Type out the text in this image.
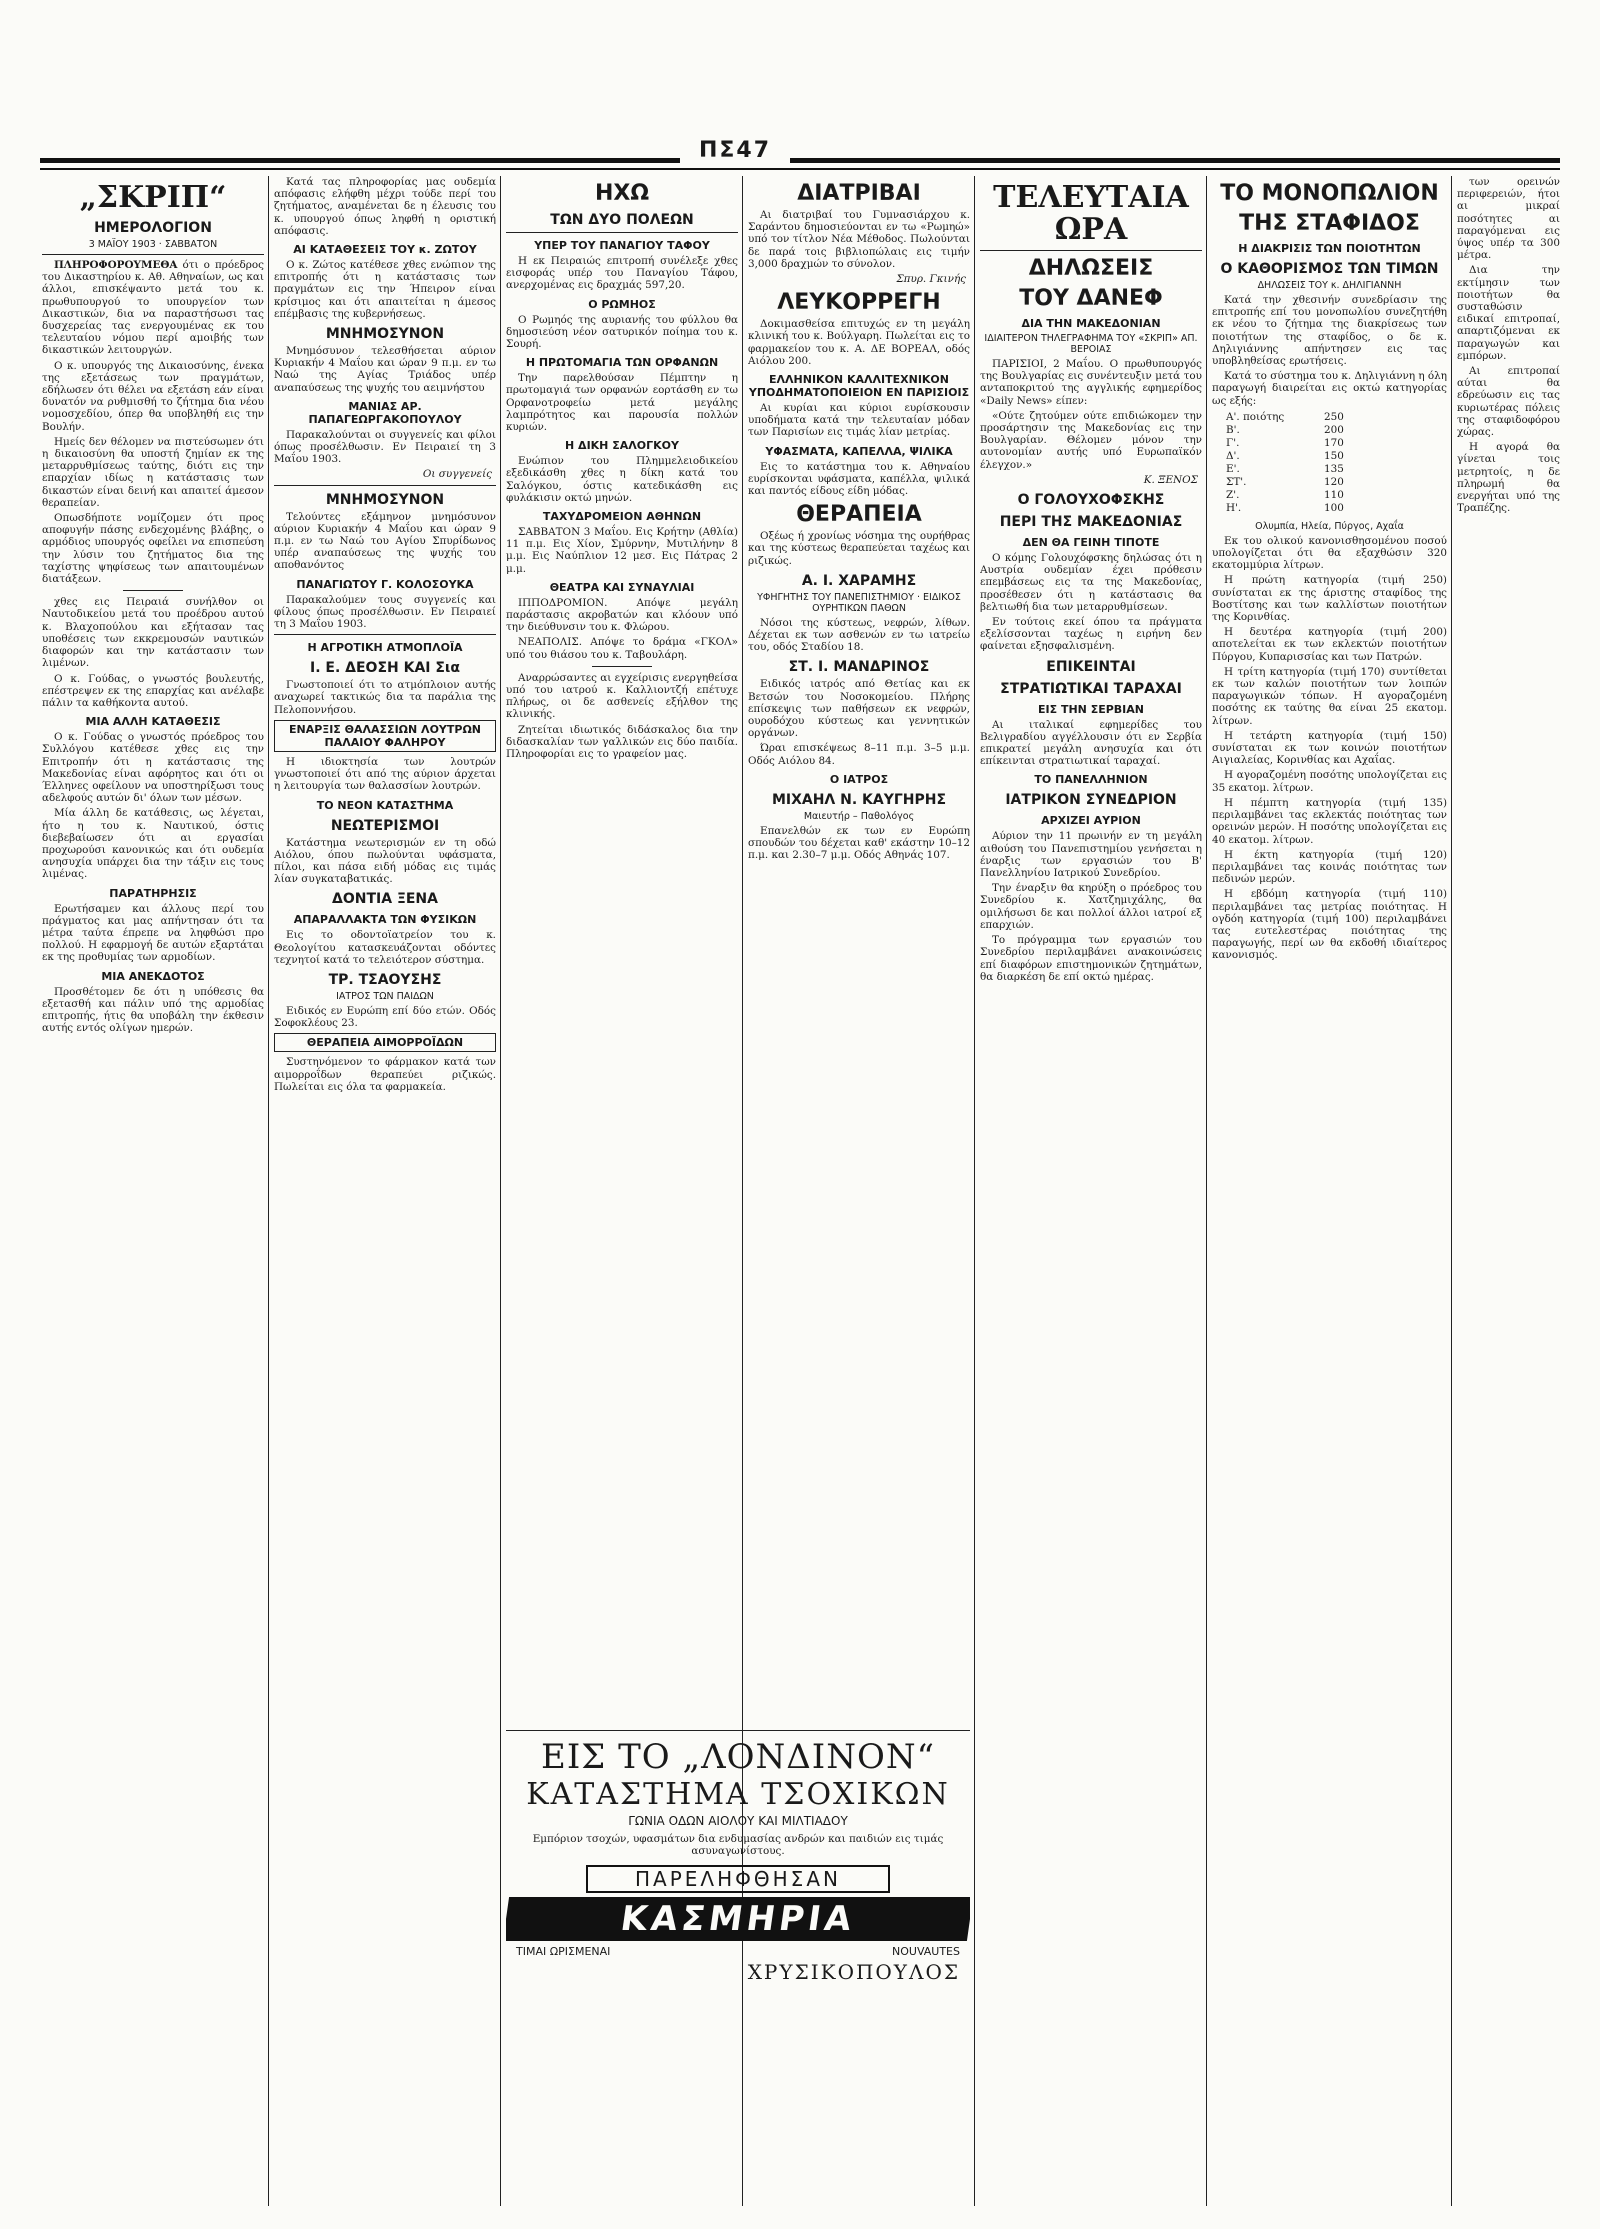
ΠΣ47
„ΣΚΡΙΠ“
ΗΜΕΡΟΛΟΓΙΟΝ
3 ΜΑΪΟΥ 1903 · ΣΑΒΒΑΤΟΝ

ΠΛΗΡΟΦΟΡΟΥΜΕΘΑ ότι ο πρόεδρος του Δικαστηρίου κ. Αθ. Αθηναίων, ως και άλλοι, επισκέψαντο μετά του κ. πρωθυπουργού το υπουργείον των Δικαστικών, δια να παραστήσωσι τας δυσχερείας τας ενεργουμένας εκ του τελευταίου νόμου περί αμοιβής των δικαστικών λειτουργών.

Ο κ. υπουργός της Δικαιοσύνης, ένεκα της εξετάσεως των πραγμάτων, εδήλωσεν ότι θέλει να εξετάση εάν είναι δυνατόν να ρυθμισθή το ζήτημα δια νέου νομοσχεδίου, όπερ θα υποβληθή εις την Βουλήν.

Ημείς δεν θέλομεν να πιστεύσωμεν ότι η δικαιοσύνη θα υποστή ζημίαν εκ της μεταρρυθμίσεως ταύτης, διότι εις την επαρχίαν ιδίως η κατάστασις των δικαστών είναι δεινή και απαιτεί άμεσον θεραπείαν.

Οπωσδήποτε νομίζομεν ότι προς αποφυγήν πάσης ενδεχομένης βλάβης, ο αρμόδιος υπουργός οφείλει να επισπεύση την λύσιν του ζητήματος δια της ταχίστης ψηφίσεως των απαιτουμένων διατάξεων.

χθες εις Πειραιά συνήλθον οι Ναυτοδικείου μετά του προέδρου αυτού κ. Βλαχοπούλου και εξήτασαν τας υποθέσεις των εκκρεμουσών ναυτικών διαφορών και την κατάστασιν των λιμένων.

Ο κ. Γούδας, ο γνωστός βουλευτής, επέστρεψεν εκ της επαρχίας και ανέλαβε πάλιν τα καθήκοντα αυτού.

ΜΙΑ ΑΛΛΗ ΚΑΤΑΘΕΣΙΣ

Ο κ. Γούδας ο γνωστός πρόεδρος του Συλλόγου κατέθεσε χθες εις την Επιτροπήν ότι η κατάστασις της Μακεδονίας είναι αφόρητος και ότι οι Έλληνες οφείλουν να υποστηρίξωσι τους αδελφούς αυτών δι' όλων των μέσων.

Μία άλλη δε κατάθεσις, ως λέγεται, ήτο η του κ. Ναυτικού, όστις διεβεβαίωσεν ότι αι εργασίαι προχωρούσι κανονικώς και ότι ουδεμία ανησυχία υπάρχει δια την τάξιν εις τους λιμένας.

ΠΑΡΑΤΗΡΗΣΙΣ

Ερωτήσαμεν και άλλους περί του πράγματος και μας απήντησαν ότι τα μέτρα ταύτα έπρεπε να ληφθώσι προ πολλού. Η εφαρμογή δε αυτών εξαρτάται εκ της προθυμίας των αρμοδίων.

ΜΙΑ ΑΝΕΚΔΟΤΟΣ

Προσθέτομεν δε ότι η υπόθεσις θα εξετασθή και πάλιν υπό της αρμοδίας επιτροπής, ήτις θα υποβάλη την έκθεσιν αυτής εντός ολίγων ημερών.

Κατά τας πληροφορίας μας ουδεμία απόφασις ελήφθη μέχρι τούδε περί του ζητήματος, αναμένεται δε η έλευσις του κ. υπουργού όπως ληφθή η οριστική απόφασις.

ΑΙ ΚΑΤΑΘΕΣΕΙΣ ΤΟΥ κ. ΖΩΤΟΥ

Ο κ. Ζώτος κατέθεσε χθες ενώπιον της επιτροπής ότι η κατάστασις των πραγμάτων εις την Ήπειρον είναι κρίσιμος και ότι απαιτείται η άμεσος επέμβασις της κυβερνήσεως.

ΜΝΗΜΟΣΥΝΟΝ

Μνημόσυνον τελεσθήσεται αύριον Κυριακήν 4 Μαΐου και ώραν 9 π.μ. εν τω Ναώ της Αγίας Τριάδος υπέρ αναπαύσεως της ψυχής του αειμνήστου

ΜΑΝΙΑΣ ΑΡ. ΠΑΠΑΓΕΩΡΓΑΚΟΠΟΥΛΟΥ

Παρακαλούνται οι συγγενείς και φίλοι όπως προσέλθωσιν. Εν Πειραιεί τη 3 Μαΐου 1903.

Οι συγγενείς
ΜΝΗΜΟΣΥΝΟΝ

Τελούντες εξάμηνον μνημόσυνον αύριον Κυριακήν 4 Μαΐου και ώραν 9 π.μ. εν τω Ναώ του Αγίου Σπυρίδωνος υπέρ αναπαύσεως της ψυχής του αποθανόντος

ΠΑΝΑΓΙΩΤΟΥ Γ. ΚΟΛΟΣΟΥΚΑ

Παρακαλούμεν τους συγγενείς και φίλους όπως προσέλθωσιν. Εν Πειραιεί τη 3 Μαΐου 1903.

Η ΑΓΡΟΤΙΚΗ ΑΤΜΟΠΛΟΪΑ
Ι. Ε. ΔΕΟΣΗ ΚΑΙ Σια

Γνωστοποιεί ότι το ατμόπλοιον αυτής αναχωρεί τακτικώς δια τα παράλια της Πελοποννήσου.

ΕΝΑΡΞΙΣ ΘΑΛΑΣΣΙΩΝ ΛΟΥΤΡΩΝ ΠΑΛΑΙΟΥ ΦΑΛΗΡΟΥ

Η ιδιοκτησία των λουτρών γνωστοποιεί ότι από της αύριον άρχεται η λειτουργία των θαλασσίων λουτρών.

ΤΟ ΝΕΟΝ ΚΑΤΑΣΤΗΜΑ
ΝΕΩΤΕΡΙΣΜΟΙ

Κατάστημα νεωτερισμών εν τη οδώ Αιόλου, όπου πωλούνται υφάσματα, πίλοι, και πάσα ειδή μόδας εις τιμάς λίαν συγκαταβατικάς.

ΔΟΝΤΙΑ ΞΕΝΑ
ΑΠΑΡΑΛΛΑΚΤΑ ΤΩΝ ΦΥΣΙΚΩΝ

Εις το οδοντοϊατρείον του κ. Θεολογίτου κατασκευάζονται οδόντες τεχνητοί κατά το τελειότερον σύστημα.

ΤΡ. ΤΣΑΟΥΣΗΣ
ΙΑΤΡΟΣ ΤΩΝ ΠΑΙΔΩΝ

Ειδικός εν Ευρώπη επί δύο ετών. Οδός Σοφοκλέους 23.

ΘΕΡΑΠΕΙΑ ΑΙΜΟΡΡΟΪΔΩΝ

Συστηνόμενον το φάρμακον κατά των αιμορροΐδων θεραπεύει ριζικώς. Πωλείται εις όλα τα φαρμακεία.

ΗΧΩ
ΤΩΝ ΔΥΟ ΠΟΛΕΩΝ
ΥΠΕΡ ΤΟΥ ΠΑΝΑΓΙΟΥ ΤΑΦΟΥ

Η εκ Πειραιώς επιτροπή συνέλεξε χθες εισφοράς υπέρ του Παναγίου Τάφου, ανερχομένας εις δραχμάς 597,20.

Ο ΡΩΜΗΟΣ

Ο Ρωμηός της αυριανής του φύλλου θα δημοσιεύση νέον σατυρικόν ποίημα του κ. Σουρή.

Η ΠΡΩΤΟΜΑΓΙΑ ΤΩΝ ΟΡΦΑΝΩΝ

Την παρελθούσαν Πέμπτην η πρωτομαγιά των ορφανών εορτάσθη εν τω Ορφανοτροφείω μετά μεγάλης λαμπρότητος και παρουσία πολλών κυριών.

Η ΔΙΚΗ ΣΑΛΟΓΚΟΥ

Ενώπιον του Πλημμελειοδικείου εξεδικάσθη χθες η δίκη κατά του Σαλόγκου, όστις κατεδικάσθη εις φυλάκισιν οκτώ μηνών.

ΤΑΧΥΔΡΟΜΕΙΟΝ ΑΘΗΝΩΝ

ΣΑΒΒΑΤΟΝ 3 Μαΐου. Εις Κρήτην (Αθλία) 11 π.μ. Εις Χίον, Σμύρνην, Μυτιλήνην 8 μ.μ. Εις Ναύπλιον 12 μεσ. Εις Πάτρας 2 μ.μ.

ΘΕΑΤΡΑ ΚΑΙ ΣΥΝΑΥΛΙΑΙ

ΙΠΠΟΔΡΟΜΙΟΝ. Απόψε μεγάλη παράστασις ακροβατών και κλόουν υπό την διεύθυνσιν του κ. Φλώρου.

ΝΕΑΠΟΛΙΣ. Απόψε το δράμα «ΓΚΟΛ» υπό του θιάσου του κ. Ταβουλάρη.

Αναρρώσαντες αι εγχείρισις ενεργηθείσα υπό του ιατρού κ. Καλλιοντζή επέτυχε πλήρως, οι δε ασθενείς εξήλθον της κλινικής.

Ζητείται ιδιωτικός διδάσκαλος δια την διδασκαλίαν των γαλλικών εις δύο παιδία. Πληροφορίαι εις το γραφείον μας.

ΔΙΑΤΡΙΒΑΙ

Αι διατριβαί του Γυμνασιάρχου κ. Σαράντου δημοσιεύονται εν τω «Ρωμηώ» υπό τον τίτλον Νέα Μέθοδος. Πωλούνται δε παρά τοις βιβλιοπώλαις εις τιμήν 3,000 δραχμών το σύνολον.

Σπυρ. Γκινής
ΛΕΥΚΟΡΡΕΓΗ

Δοκιμασθείσα επιτυχώς εν τη μεγάλη κλινική του κ. Βούλγαρη. Πωλείται εις το φαρμακείον του κ. Α. ΔΕ ΒΟΡΕΑΛ, οδός Αιόλου 200.

ΕΛΛΗΝΙΚΟΝ ΚΑΛΛΙΤΕΧΝΙΚΟΝ ΥΠΟΔΗΜΑΤΟΠΟΙΕΙΟΝ ΕΝ ΠΑΡΙΣΙΟΙΣ

Αι κυρίαι και κύριοι ευρίσκουσιν υποδήματα κατά την τελευταίαν μόδαν των Παρισίων εις τιμάς λίαν μετρίας.

ΥΦΑΣΜΑΤΑ, ΚΑΠΕΛΛΑ, ΨΙΛΙΚΑ

Εις το κατάστημα του κ. Αθηναίου ευρίσκονται υφάσματα, καπέλλα, ψιλικά και παντός είδους είδη μόδας.

ΘΕΡΑΠΕΙΑ

Οξέως ή χρονίως νόσημα της ουρήθρας και της κύστεως θεραπεύεται ταχέως και ριζικώς.

Α. Ι. ΧΑΡΑΜΗΣ
ΥΦΗΓΗΤΗΣ ΤΟΥ ΠΑΝΕΠΙΣΤΗΜΙΟΥ · ΕΙΔΙΚΟΣ ΟΥΡΗΤΙΚΩΝ ΠΑΘΩΝ

Νόσοι της κύστεως, νεφρών, λίθων. Δέχεται εκ των ασθενών εν τω ιατρείω του, οδός Σταδίου 18.

ΣΤ. Ι. ΜΑΝΔΡΙΝΟΣ

Ειδικός ιατρός από Θετίας και εκ Βετσών του Νοσοκομείου. Πλήρης επίσκεψις των παθήσεων εκ νεφρών, ουροδόχου κύστεως και γεννητικών οργάνων.

Ώραι επισκέψεως 8–11 π.μ. 3–5 μ.μ. Οδός Αιόλου 84.

Ο ΙΑΤΡΟΣ
ΜΙΧΑΗΛ Ν. ΚΑΥΓΗΡΗΣ
Μαιευτήρ – Παθολόγος

Επανελθών εκ των εν Ευρώπη σπουδών του δέχεται καθ' εκάστην 10–12 π.μ. και 2.30–7 μ.μ. Οδός Αθηνάς 107.

ΕΙΣ ΤΟ „ΛΟΝΔΙΝΟΝ“
ΚΑΤΑΣΤΗΜΑ ΤΣΟΧΙΚΩΝ
ΓΩΝΙΑ ΟΔΩΝ ΑΙΟΛΟΥ ΚΑΙ ΜΙΛΤΙΑΔΟΥ

Εμπόριον τσοχών, υφασμάτων δια ενδυμασίας ανδρών και παιδιών εις τιμάς ασυναγωνίστους.

ΠΑΡΕΛΗΦΘΗΣΑΝ
ΚΑΣΜΗΡΙΑ
ΤΙΜΑΙ ΩΡΙΣΜΕΝΑΙ	NOUVAUTES
ΧΡΥΣΙΚΟΠΟΥΛΟΣ
ΤΕΛΕΥΤΑΙΑ ΩΡΑ
ΔΗΛΩΣΕΙΣ
ΤΟΥ ΔΑΝΕΦ
ΔΙΑ ΤΗΝ ΜΑΚΕΔΟΝΙΑΝ
ΙΔΙΑΙΤΕΡΟΝ ΤΗΛΕΓΡΑΦΗΜΑ ΤΟΥ «ΣΚΡΙΠ» ΑΠ. ΒΕΡΟΙΑΣ

ΠΑΡΙΣΙΟΙ, 2 Μαΐου. Ο πρωθυπουργός της Βουλγαρίας εις συνέντευξιν μετά του ανταποκριτού της αγγλικής εφημερίδος «Daily News» είπεν:

«Ούτε ζητούμεν ούτε επιδιώκομεν την προσάρτησιν της Μακεδονίας εις την Βουλγαρίαν. Θέλομεν μόνον την αυτονομίαν αυτής υπό Ευρωπαϊκόν έλεγχον.»

Κ. ΞΕΝΟΣ
Ο ΓΟΛΟΥΧΟΦΣΚΗΣ
ΠΕΡΙ ΤΗΣ ΜΑΚΕΔΟΝΙΑΣ
ΔΕΝ ΘΑ ΓΕΙΝΗ ΤΙΠΟΤΕ

Ο κόμης Γολουχόφσκης δηλώσας ότι η Αυστρία ουδεμίαν έχει πρόθεσιν επεμβάσεως εις τα της Μακεδονίας, προσέθεσεν ότι η κατάστασις θα βελτιωθή δια των μεταρρυθμίσεων.

Εν τούτοις εκεί όπου τα πράγματα εξελίσσονται ταχέως η ειρήνη δεν φαίνεται εξησφαλισμένη.

ΕΠΙΚΕΙΝΤΑΙ
ΣΤΡΑΤΙΩΤΙΚΑΙ ΤΑΡΑΧΑΙ
ΕΙΣ ΤΗΝ ΣΕΡΒΙΑΝ

Αι ιταλικαί εφημερίδες του Βελιγραδίου αγγέλλουσιν ότι εν Σερβία επικρατεί μεγάλη ανησυχία και ότι επίκεινται στρατιωτικαί ταραχαί.

ΤΟ ΠΑΝΕΛΛΗΝΙΟΝ
ΙΑΤΡΙΚΟΝ ΣΥΝΕΔΡΙΟΝ
ΑΡΧΙΖΕΙ ΑΥΡΙΟΝ

Αύριον την 11 πρωινήν εν τη μεγάλη αιθούση του Πανεπιστημίου γενήσεται η έναρξις των εργασιών του Β' Πανελληνίου Ιατρικού Συνεδρίου.

Την έναρξιν θα κηρύξη ο πρόεδρος του Συνεδρίου κ. Χατζημιχάλης, θα ομιλήσωσι δε και πολλοί άλλοι ιατροί εξ επαρχιών.

Το πρόγραμμα των εργασιών του Συνεδρίου περιλαμβάνει ανακοινώσεις επί διαφόρων επιστημονικών ζητημάτων, θα διαρκέση δε επί οκτώ ημέρας.

ΤΟ ΜΟΝΟΠΩΛΙΟΝ
ΤΗΣ ΣΤΑΦΙΔΟΣ
Η ΔΙΑΚΡΙΣΙΣ ΤΩΝ ΠΟΙΟΤΗΤΩΝ
Ο ΚΑΘΟΡΙΣΜΟΣ ΤΩΝ ΤΙΜΩΝ
ΔΗΛΩΣΕΙΣ ΤΟΥ κ. ΔΗΛΙΓΙΑΝΝΗ

Κατά την χθεσινήν συνεδρίασιν της επιτροπής επί του μονοπωλίου συνεζητήθη εκ νέου το ζήτημα της διακρίσεως των ποιοτήτων της σταφίδος, ο δε κ. Δηλιγιάννης απήντησεν εις τας υποβληθείσας ερωτήσεις.

Κατά το σύστημα του κ. Δηλιγιάννη η όλη παραγωγή διαιρείται εις οκτώ κατηγορίας ως εξής:

Α'. ποιότης	250
Β'.	200
Γ'.	170
Δ'.	150
Ε'.	135
ΣΤ'.	120
Ζ'.	110
Η'.	100
Ολυμπία, Ηλεία, Πύργος, Αχαΐα

Εκ του ολικού κανονισθησομένου ποσού υπολογίζεται ότι θα εξαχθώσιν 320 εκατομμύρια λίτρων.

Η πρώτη κατηγορία (τιμή 250) συνίσταται εκ της άριστης σταφίδος της Βοστίτσης και των καλλίστων ποιοτήτων της Κορινθίας.

Η δευτέρα κατηγορία (τιμή 200) αποτελείται εκ των εκλεκτών ποιοτήτων Πύργου, Κυπαρισσίας και των Πατρών.

Η τρίτη κατηγορία (τιμή 170) συντίθεται εκ των καλών ποιοτήτων των λοιπών παραγωγικών τόπων. Η αγοραζομένη ποσότης εκ ταύτης θα είναι 25 εκατομ. λίτρων.

Η τετάρτη κατηγορία (τιμή 150) συνίσταται εκ των κοινών ποιοτήτων Αιγιαλείας, Κορινθίας και Αχαΐας.

Η αγοραζομένη ποσότης υπολογίζεται εις 35 εκατομ. λίτρων.

Η πέμπτη κατηγορία (τιμή 135) περιλαμβάνει τας εκλεκτάς ποιότητας των ορεινών μερών. Η ποσότης υπολογίζεται εις 40 εκατομ. λίτρων.

Η έκτη κατηγορία (τιμή 120) περιλαμβάνει τας κοινάς ποιότητας των πεδινών μερών.

Η εβδόμη κατηγορία (τιμή 110) περιλαμβάνει τας μετρίας ποιότητας. Η ογδόη κατηγορία (τιμή 100) περιλαμβάνει τας ευτελεστέρας ποιότητας της παραγωγής, περί ων θα εκδοθή ιδιαίτερος κανονισμός.

των ορεινών περιφερειών, ήτοι αι μικραί ποσότητες αι παραγόμεναι εις ύψος υπέρ τα 300 μέτρα.

Δια την εκτίμησιν των ποιοτήτων θα συσταθώσιν ειδικαί επιτροπαί, απαρτιζόμεναι εκ παραγωγών και εμπόρων.

Αι επιτροπαί αύται θα εδρεύωσιν εις τας κυριωτέρας πόλεις της σταφιδοφόρου χώρας.

Η αγορά θα γίνεται τοις μετρητοίς, η δε πληρωμή θα ενεργήται υπό της Τραπέζης.
